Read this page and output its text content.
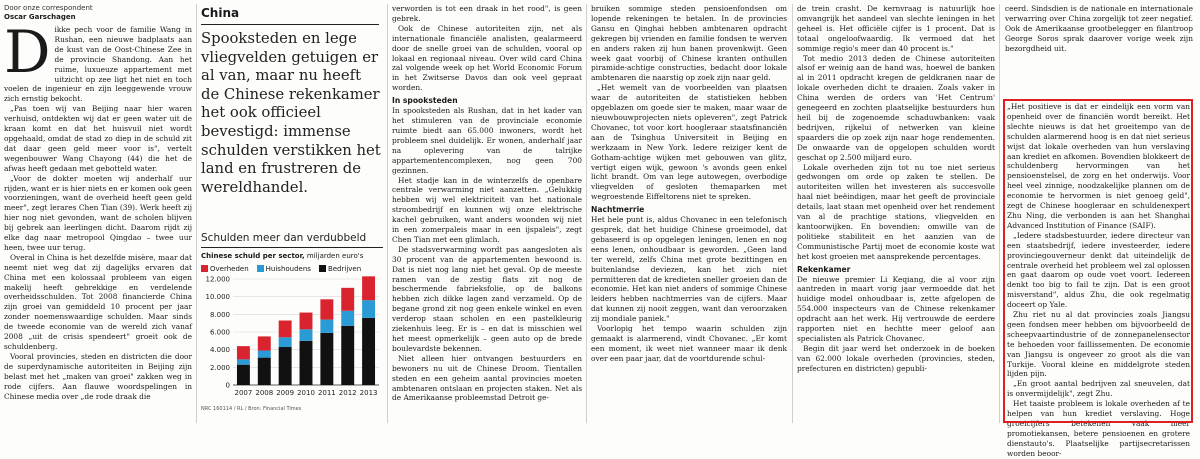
Door onze correspondent
Oscar Garschagen
D ikke pech voor de familie Wang in Rushan, een nieuwe badplaats aan de kust van de Oost-Chinese Zee in de provincie Shandong. Aan het ruime, luxueuze appartement met uitzicht op zee ligt het niet en toch voelen de ingenieur en zijn leeggewende vrouw zich ernstig bekocht.

„Pas toen wij van Beijing naar hier waren verhuisd, ontdekten wij dat er geen water uit de kraan komt en dat het huisvuil niet wordt opgehaald, omdat de stad zo diep in de schuld zit dat daar geen geld meer voor is", vertelt wegenbouwer Wang Chayong (44) die het de afwas heeft gedaan met gebotteld water.

„Voor de dokter moeten wij anderhalf uur rijden, want er is hier niets en er komen ook geen voorzieningen, want de overheid heeft geen geld meer", zegt lerares Chen Tian (39). Werk heeft zij hier nog niet gevonden, want de scholen blijven bij gebrek aan leerlingen dicht. Daarom rijdt zij elke dag naar metropool Qingdao – twee uur heen, twee uur terug.

Overal in China is het dezelfde misère, maar dat neemt niet weg dat zij dagelijks ervaren dat China met een kolossaal probleem van eigen makelij heeft gebrekkige en verdelende overheidsschulden. Tot 2008 financierde China zijn groei van gemiddeld 10 procent per jaar zonder noemenswaardige schulden. Maar sinds de tweede economie van de wereld zich vanaf 2008 „uit de crisis spendeert" groeit ook de schuldenberg.

Vooral provincies, steden en districten die door de superdynamische autoriteiten in Beijing zijn belast met het „maken van groei" zakken weg in rode cijfers. Aan flauwe woordspelingen in Chinese media over „de rode draak die

China
Spooksteden en lege vliegvelden getuigen er al van, maar nu heeft de Chinese rekenkamer het ook officieel bevestigd: immense schulden verstikken het land en frustreren de wereldhandel.
Schulden meer dan verdubbeld
Chinese schuld per sector, miljarden euro's
Overheden	Huishoudens	Bedrijven
0
2.000
4.000
6.000
8.000
10.000
12.000
2007 2008 2009 2010 2011 2012 2013
NRC 160114 / RL / Bron: Financial Times

verworden is tot een draak in het rood", is geen gebrek.

Ook de Chinese autoriteiten zijn, net als internationale financiële analisten, gealarmeerd door de snelle groei van de schulden, vooral op lokaal en regionaal niveau. Over wild card China zal volgende week op het World Economic Forum in het Zwitserse Davos dan ook veel gepraat worden.

In spooksteden

In spooksteden als Rushan, dat in het kader van het stimuleren van de provinciale economie ruimte biedt aan 65.000 inwoners, wordt het probleem snel duidelijk. Er wonen, anderhalf jaar na oplevering van de talrijke appartementencomplexen, nog geen 700 gezinnen.

Het stadje kan in de winterzelfs de openbare centrale verwarming niet aanzetten. „Gelukkig hebben wij wel elektriciteit van het nationale stroombedrijf en kunnen wij onze elektrische kachel gebruiken, want anders woonden wij niet in een zomerpaleis maar in een ijspaleis", zegt Chen Tian met een glimlach.

De stadsverwarming wordt pas aangesloten als 30 procent van de appartementen bewoond is. Dat is niet nog lang niet het geval. Op de meeste ramen van de zestig flats zit nog de beschermende fabrieksfolie, op de balkons hebben zich dikke lagen zand verzameld. Op de begane grond zit nog geen enkele winkel en even verderop staan scholen en een pastelkleurig ziekenhuis leeg. Er is – en dat is misschien wel het meest opmerkelijk – geen auto op de brede boulevardste bekennen.

Niet alleen hier ontvangen bestuurders en bewoners nu uit de Chinese Droom. Tientallen steden en een geheim aantal provincies moeten ambtenaren ontslaan en projecten staken. Net als de Amerikaanse probleemstad Detroit ge-

bruiken sommige steden pensioenfondsen om lopende rekeningen te betalen. In de provincies Gansu en Qinghai hebben ambtenaren opdracht gekregen bij vrienden en familie fondsen te werven en anders raken zij hun banen provenkwijt. Geen week gaat voorbij of Chinese kranten onthullen piramide-achtige constructies, bedacht door lokale ambtenaren die naarstig op zoek zijn naar geld.

„Het wemelt van de voorbeelden van plaatsen waar de autoriteiten de statistieken hebben opgeblazen om goede sier te maken, maar waar de nieuwbouwprojecten niets opleveren", zegt Patrick Chovanec, tot voor kort hoogleraar staatsfinanciën aan de Tsinghua Universiteit in Beijing en werkzaam in New York. Iedere reiziger kent de Gotham-achtige wijken met gebouwen van glitz, vertigt eigen wijk, gewoon 's avonds geen enkel licht brandt. Om van lege autowegen, overbodige vliegvelden of gesloten themaparken met wegroestende Eiffeltorens niet te spreken.

Nachtmerrie

Het hele punt is, aldus Chovanec in een telefonisch gesprek, dat het huidige Chinese groeimodel, dat gebaseerd is op opgelegen leningen, lenen en nog eens lenen, onhoudbaar is geworden. „Geen land ter wereld, zelfs China met grote bezittingen en buitenlandse deviezen, kan het zich niet permitteren dat de kredieten sneller groeien dan de economie. Het kan niet anders of sommige Chinese leiders hebben nachtmerries van de cijfers. Maar dat kunnen zij nooit zeggen, want dan veroorzaken zij mondiale paniek."

Voorlopig het tempo waarin schulden zijn gemaakt is alarmerend, vindt Chovanec. „Er komt een moment, ik weet niet wanneer maar ik denk over een paar jaar, dat de voortdurende schul-

de trein crasht. De kernvraag is natuurlijk hoe omvangrijk het aandeel van slechte leningen in het geheel is. Het officiële cijfer is 1 procent. Dat is totaal ongeloofwaardig. Ik vermoed dat het sommige regio's meer dan 40 procent is."

Tot medio 2013 deden de Chinese autoriteiten alsof er weinig aan de hand was, hoewel de banken al in 2011 opdracht kregen de geldkranen naar de lokale overheden dicht te draaien. Zoals vaker in China werden de orders van 'Het Centrum' genegeerd en zochten plaatselijke bestuurders hun heil bij de zogenoemde schaduwbanken: vaak bedrijven, rijkelui of netwerken van kleine spaarders die op zoek zijn naar hoge rendementen. De onwaarde van de opgelopen schulden wordt geschat op 2.500 miljard euro.

Lokale overheden zijn tot nu toe niet serieus gedwongen om orde op zaken te stellen. De autoriteiten willen het investeren als succesvolle haal niet beëindigen, maar het geeft de provinciale details, laat staan met openheid over het rendement van al de prachtige stations, vliegvelden en kantoorwijken. En bovendien: omwille van de politieke stabiliteit en het aanzien van de Communistische Partij moet de economie koste wat het kost groeien met aansprekende percentages.

Rekenkamer

De nieuwe premier Li Keqiang, die al voor zijn aantreden in maart vorig jaar vermoedde dat het huidige model onhoudbaar is, zette afgelopen de 554.000 inspecteurs van de Chinese rekenkamer opdracht aan het werk. Hij vertrouwde de eerdere rapporten niet en hechtte meer geloof aan specialisten als Patrick Chovanec.

Begin dit jaar werd het onderzoek in de boeken van 62.000 lokale overheden (provincies, steden, prefecturen en districten) gepubli-

ceerd. Sindsdien is de nationale en internationale verwarring over China zorgelijk tot zeer negatief. Ook de Amerikaanse grootbelegger en filantroop George Soros sprak daarover vorige week zijn bezorgdheid uit.

„Het positieve is dat er eindelijk een vorm van openheid over de financiën wordt bereikt. Het slechte nieuws is dat het groeitempo van de schulden alarmerend hoog is en dat niet serieus wijst dat lokale overheden van hun verslaving aan krediet en afkomen. Bovendien blokkeert de schuldenberg hervormingen van het pensioenstelsel, de zorg en het onderwijs. Voor heel veel zinnige, noodzakelijke plannen om de economie te hervormen is niet genoeg geld", zegt de Chinese hoogleraar en schuldenexpert Zhu Ning, die verbonden is aan het Shanghai Advanced Institution of Finance (SAIF).

„Iedere stadsbestuurder, iedere directeur van een staatsbedrijf, iedere investeerder, iedere provinciegouverneur denkt dat uiteindelijk de centrale overheid het probleem wel zal oplossen en gaat daarom op oude voet voort. Iedereen denkt too big to fail te zijn. Dat is een groot misverstand", aldus Zhu, die ook regelmatig doceert op Yale.

Zhu riet nu al dat provincies zoals Jiangsu geen fondsen meer hebben om bijvoorbeeld de scheepvaartindustrie of de zonnepanelensector te behoeden voor faillissementen. De economie van Jiangsu is ongeveer zo groot als die van Turkije. Vooral kleine en middelgrote steden lijden pijn.

„En groot aantal bedrijven zal sneuvelen, dat is onvermijdelijk", zegt Zhu.

Het taaiste probleem is lokale overheden af te helpen van hun krediet verslaving. Hoge groeicijfers betekenen vaak meer promotiekansen, betere pensioenen en grotere dienstauto's. Plaatselijke partijsecretarissen worden beoor-
